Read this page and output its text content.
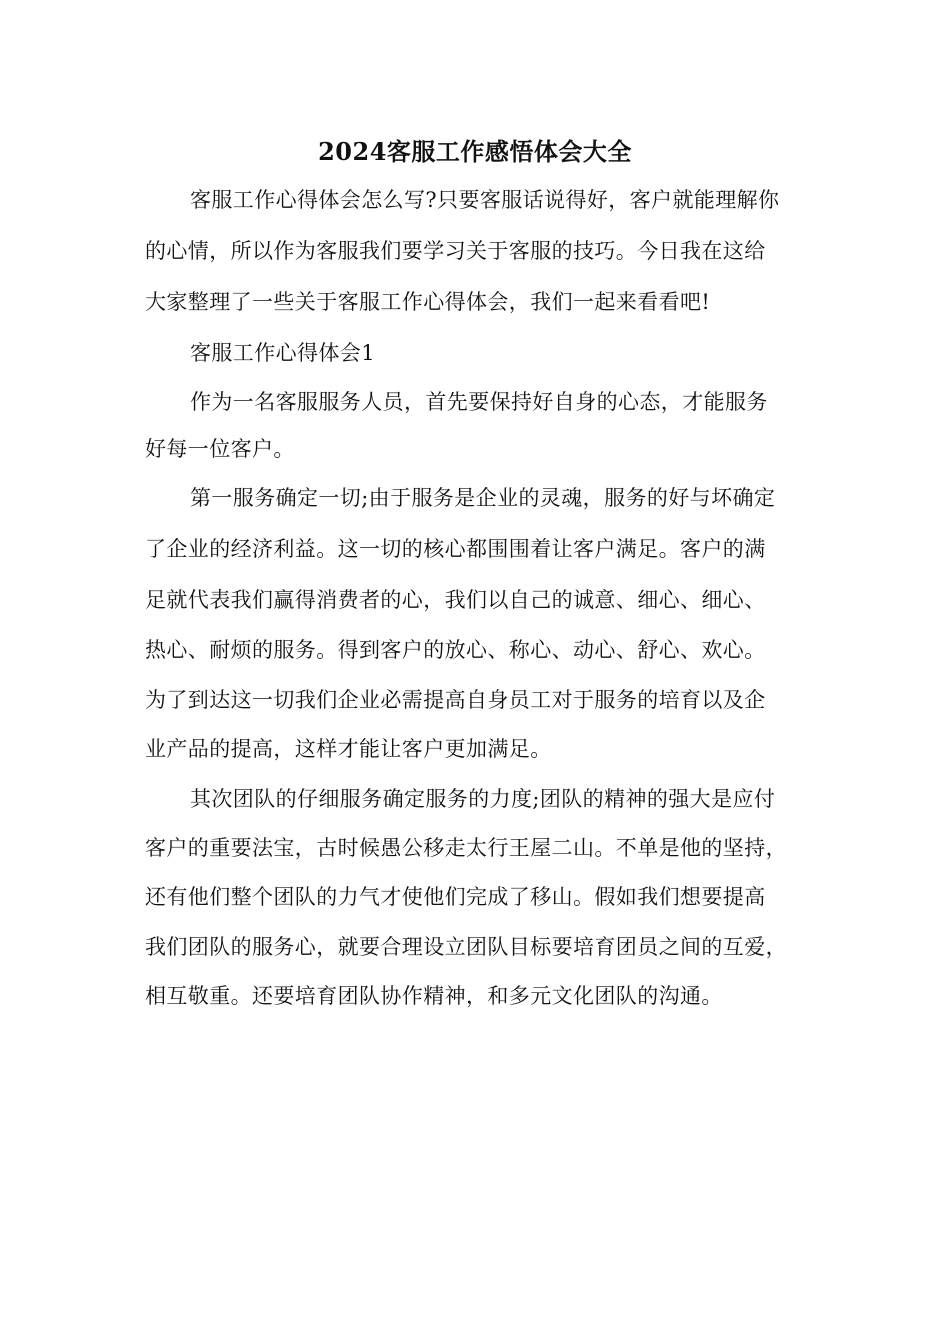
2024客服工作感悟体会大全
客服工作心得体会怎么写?只要客服话说得好，客户就能理解你
的心情，所以作为客服我们要学习关于客服的技巧。今日我在这给
大家整理了一些关于客服工作心得体会，我们一起来看看吧!
客服工作心得体会1
作为一名客服服务人员，首先要保持好自身的心态，才能服务
好每一位客户。
第一服务确定一切;由于服务是企业的灵魂，服务的好与坏确定
了企业的经济利益。这一切的核心都围围着让客户满足。客户的满
足就代表我们赢得消费者的心，我们以自己的诚意、细心、细心、
热心、耐烦的服务。得到客户的放心、称心、动心、舒心、欢心。
为了到达这一切我们企业必需提高自身员工对于服务的培育以及企
业产品的提高，这样才能让客户更加满足。
其次团队的仔细服务确定服务的力度;团队的精神的强大是应付
客户的重要法宝，古时候愚公移走太行王屋二山。不单是他的坚持，
还有他们整个团队的力气才使他们完成了移山。假如我们想要提高
我们团队的服务心，就要合理设立团队目标要培育团员之间的互爱，
相互敬重。还要培育团队协作精神，和多元文化团队的沟通。
